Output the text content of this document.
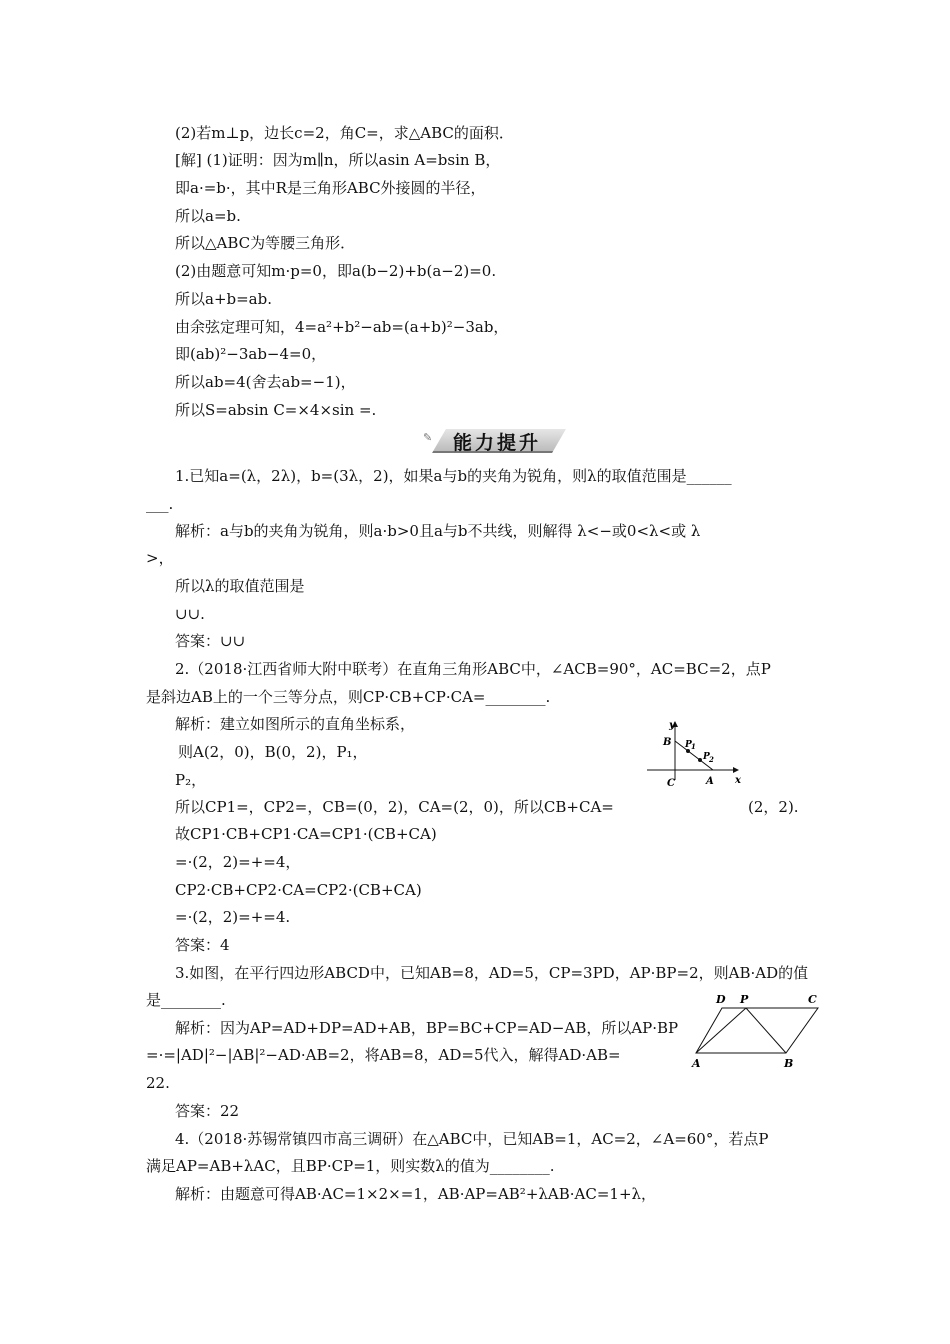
(2)若m⊥p，边长c=2，角C=，求△ABC的面积．
[解] (1)证明：因为m∥n，所以asin A=bsin B，
即a·=b·，其中R是三角形ABC外接圆的半径，
所以a=b.
所以△ABC为等腰三角形．
(2)由题意可知m·p=0，即a(b−2)+b(a−2)=0.
所以a+b=ab.
由余弦定理可知，4=a²+b²−ab=(a+b)²−3ab，
即(ab)²−3ab−4=0，
所以ab=4(舍去ab=−1)，
所以S=absin C=×4×sin =.
✎ 能力提升
1.已知a=(λ，2λ)，b=(3λ，2)，如果a与b的夹角为锐角，则λ的取值范围是______
___.
解析：a与b的夹角为锐角，则a·b>0且a与b不共线，则解得 λ<−或0<λ<或 λ
>，
所以λ的取值范围是
∪∪.
答案：∪∪
2.（2018·江西省师大附中联考）在直角三角形ABC中，∠ACB=90°，AC=BC=2，点P
是斜边AB上的一个三等分点，则CP·CB+CP·CA=________.
解析：建立如图所示的直角坐标系，
则A(2，0)，B(0，2)，P₁，
P₂，
所以CP1=，CP2=，CB=(0，2)，CA=(2，0)，所以CB+CA=	(2，2).
故CP1·CB+CP1·CA=CP1·(CB+CA)
=·(2，2)=+=4，
CP2·CB+CP2·CA=CP2·(CB+CA)
=·(2，2)=+=4.
答案：4
y
x
B P 1
P 2
C	A
3.如图，在平行四边形ABCD中，已知AB=8，AD=5，CP=3PD，AP·BP=2，则AB·AD的值
是________.
解析：因为AP=AD+DP=AD+AB，BP=BC+CP=AD−AB，所以AP·BP
=·=|AD|²−|AB|²−AD·AB=2，将AB=8，AD=5代入，解得AD·AB=
22.
答案：22
D P	C
A	B
4.（2018·苏锡常镇四市高三调研）在△ABC中，已知AB=1，AC=2，∠A=60°，若点P
满足AP=AB+λAC，且BP·CP=1，则实数λ的值为________.
解析：由题意可得AB·AC=1×2×=1，AB·AP=AB²+λAB·AC=1+λ，
